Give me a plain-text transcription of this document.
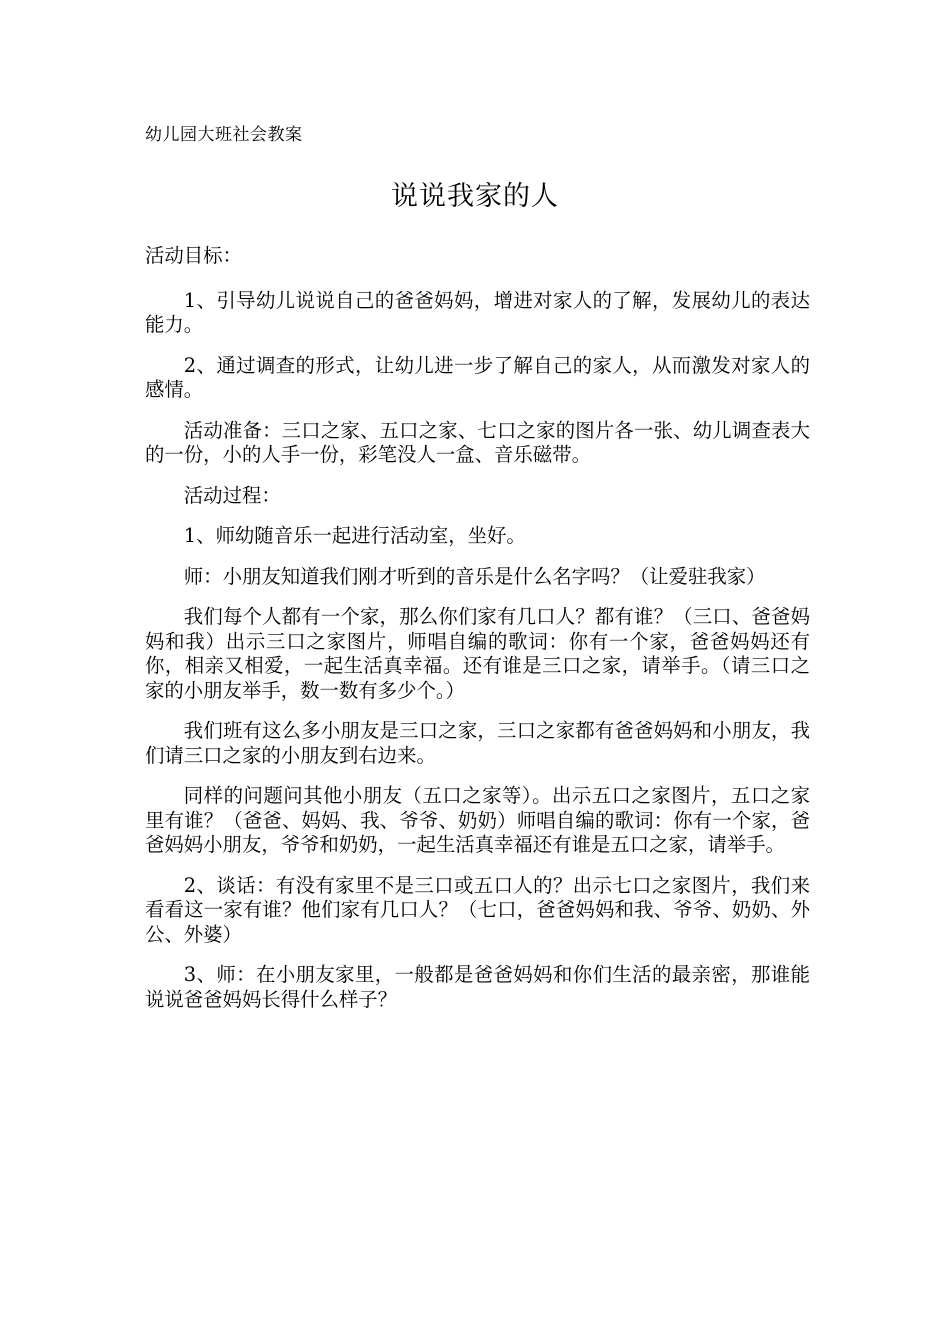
幼儿园大班社会教案
说说我家的人

活动目标：

1、引导幼儿说说自己的爸爸妈妈，增进对家人的了解，发展幼儿的表达能力。

2、通过调查的形式，让幼儿进一步了解自己的家人，从而激发对家人的感情。

活动准备：三口之家、五口之家、七口之家的图片各一张、幼儿调查表大的一份，小的人手一份，彩笔没人一盒、音乐磁带。

活动过程：

1、师幼随音乐一起进行活动室，坐好。

师：小朋友知道我们刚才听到的音乐是什么名字吗？（让爱驻我家）

我们每个人都有一个家，那么你们家有几口人？都有谁？（三口、爸爸妈妈和我）出示三口之家图片，师唱自编的歌词：你有一个家，爸爸妈妈还有你，相亲又相爱，一起生活真幸福。还有谁是三口之家，请举手。（请三口之家的小朋友举手，数一数有多少个。）

我们班有这么多小朋友是三口之家，三口之家都有爸爸妈妈和小朋友，我们请三口之家的小朋友到右边来。

同样的问题问其他小朋友（五口之家等）。出示五口之家图片，五口之家里有谁？（爸爸、妈妈、我、爷爷、奶奶）师唱自编的歌词：你有一个家，爸爸妈妈小朋友，爷爷和奶奶，一起生活真幸福还有谁是五口之家，请举手。

2、谈话：有没有家里不是三口或五口人的？出示七口之家图片，我们来看看这一家有谁？他们家有几口人？（七口，爸爸妈妈和我、爷爷、奶奶、外公、外婆）

3、师：在小朋友家里，一般都是爸爸妈妈和你们生活的最亲密，那谁能说说爸爸妈妈长得什么样子？
